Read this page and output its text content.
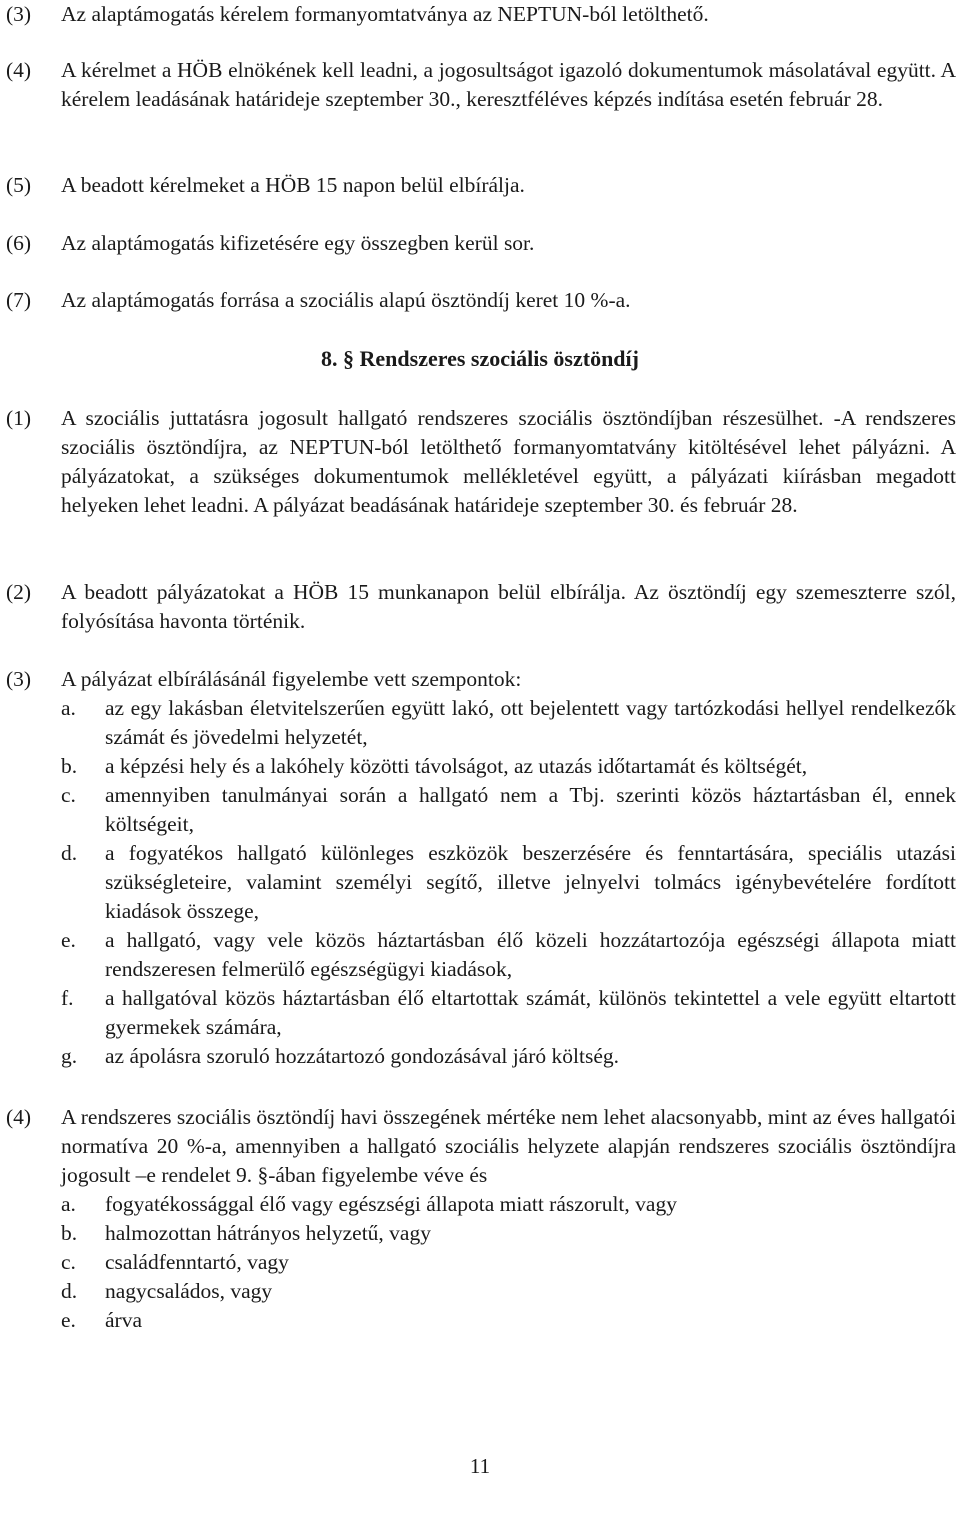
(3)	Az alaptámogatás kérelem formanyomtatványa az NEPTUN-ból letölthető.
(4)	A kérelmet a HÖB elnökének kell leadni, a jogosultságot igazoló dokumentumok másolatával együtt. A kérelem leadásának határideje szeptember 30., keresztféléves képzés indítása esetén február 28.
(5)	A beadott kérelmeket a HÖB 15 napon belül elbírálja.
(6)	Az alaptámogatás kifizetésére egy összegben kerül sor.
(7)	Az alaptámogatás forrása a szociális alapú ösztöndíj keret 10 %-a.
8. § Rendszeres szociális ösztöndíj
(1)	A szociális juttatásra jogosult hallgató rendszeres szociális ösztöndíjban részesülhet. -A rendszeres szociális ösztöndíjra, az NEPTUN-ból letölthető formanyomtatvány kitöltésével lehet pályázni. A pályázatokat, a szükséges dokumentumok mellékletével együtt, a pályázati kiírásban megadott helyeken lehet leadni. A pályázat beadásának határideje szeptember 30. és február 28.
(2)	A beadott pályázatokat a HÖB 15 munkanapon belül elbírálja. Az ösztöndíj egy szemeszterre szól, folyósítása havonta történik.
(3)	A pályázat elbírálásánál figyelembe vett szempontok:
a.	az egy lakásban életvitelszerűen együtt lakó, ott bejelentett vagy tartózkodási hellyel rendelkezők számát és jövedelmi helyzetét,
b.	a képzési hely és a lakóhely közötti távolságot, az utazás időtartamát és költségét,
c.	amennyiben tanulmányai során a hallgató nem a Tbj. szerinti közös háztartásban él, ennek költségeit,
d.	a fogyatékos hallgató különleges eszközök beszerzésére és fenntartására, speciális utazási szükségleteire, valamint személyi segítő, illetve jelnyelvi tolmács igénybevételére fordított kiadások összege,
e.	a hallgató, vagy vele közös háztartásban élő közeli hozzátartozója egészségi állapota miatt rendszeresen felmerülő egészségügyi kiadások,
f.	a hallgatóval közös háztartásban élő eltartottak számát, különös tekintettel a vele együtt eltartott gyermekek számára,
g.	az ápolásra szoruló hozzátartozó gondozásával járó költség.
(4)	A rendszeres szociális ösztöndíj havi összegének mértéke nem lehet alacsonyabb, mint az éves hallgatói normatíva 20 %-a, amennyiben a hallgató szociális helyzete alapján rendszeres szociális ösztöndíjra jogosult –e rendelet 9. §-ában figyelembe véve és
a.	fogyatékossággal élő vagy egészségi állapota miatt rászorult, vagy
b.	halmozottan hátrányos helyzetű, vagy
c.	családfenntartó, vagy
d.	nagycsaládos, vagy
e.	árva
11
